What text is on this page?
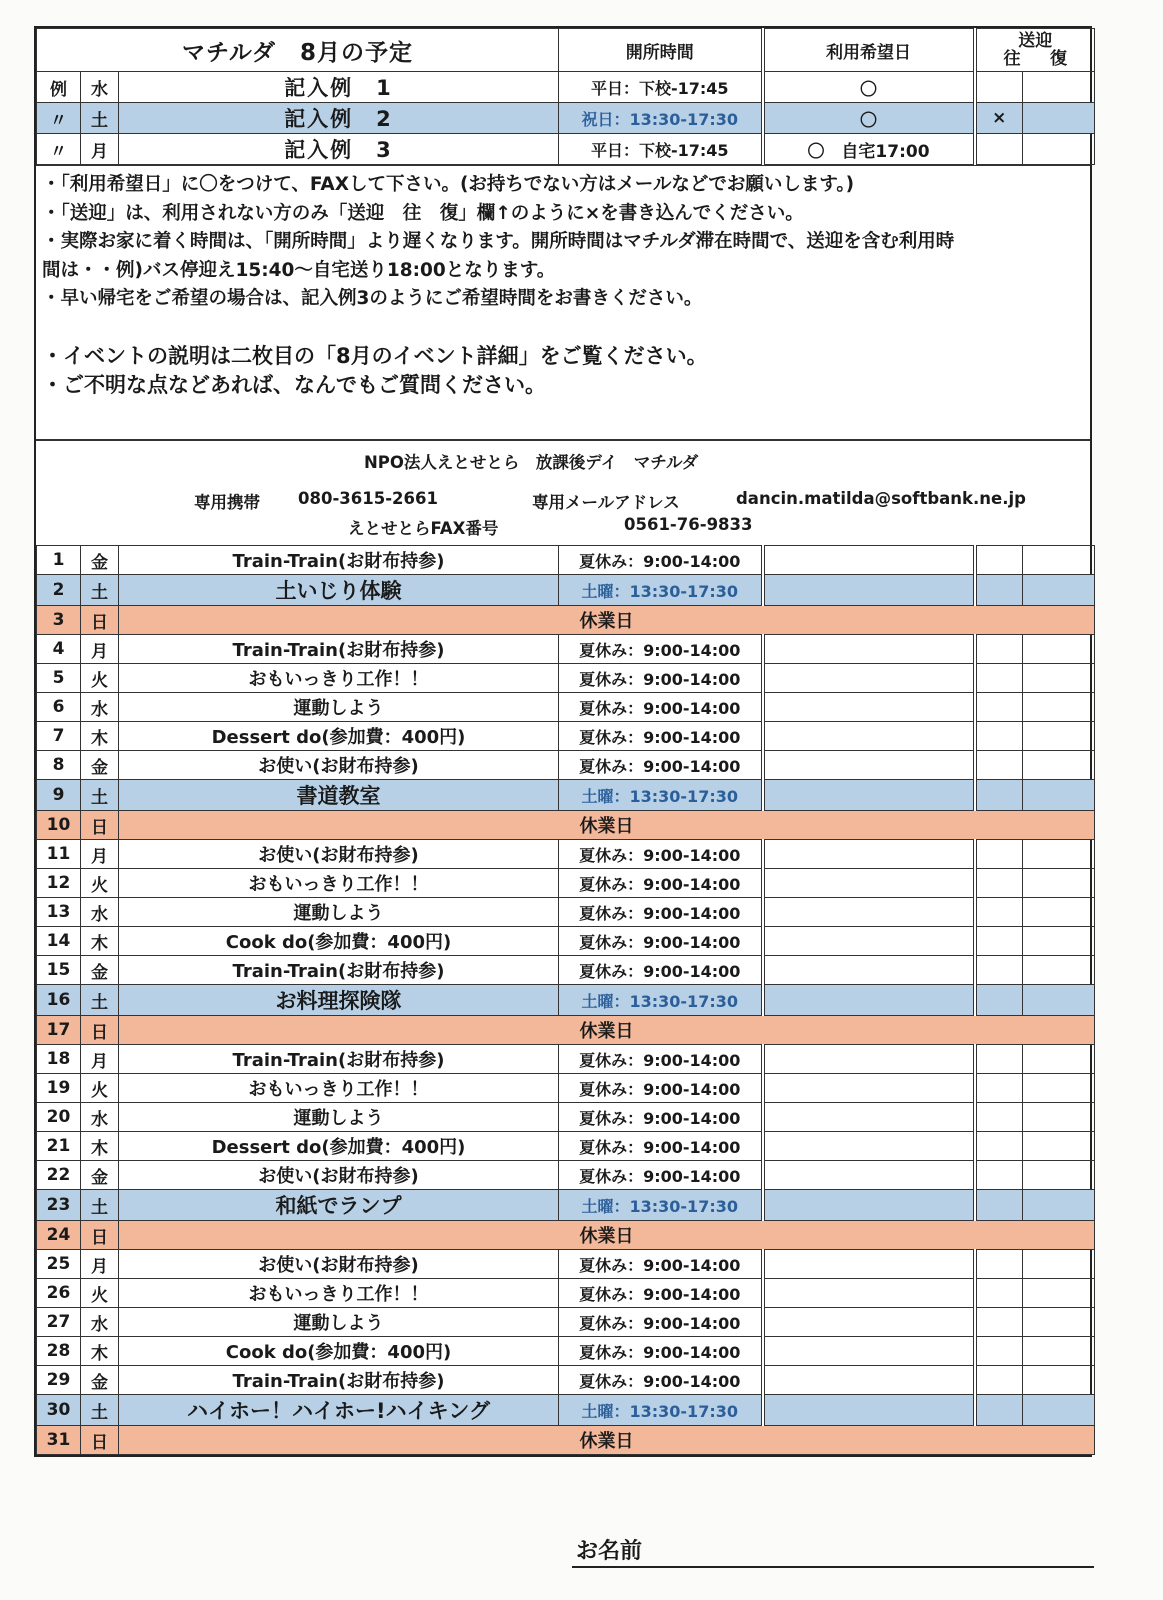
マチルダ　8月の予定			開所時間	利用希望日	送迎
往 復	

例	水	記入例　1	平日：下校-17:45	〇		
〃	土	記入例　2	祝日：13:30-17:30	〇	×	
〃	月	記入例　3	平日：下校-17:45	〇　自宅17:00		

・「利用希望日」に〇をつけて、FAXして下さい。(お持ちでない方はメールなどでお願いします。)

・「送迎」は、利用されない方のみ「送迎　往　復」欄↑のように×を書き込んでください。

・実際お家に着く時間は、「開所時間」より遅くなります。開所時間はマチルダ滞在時間で、送迎を含む利用時

間は・・例)バス停迎え15:40～自宅送り18:00となります。

・早い帰宅をご希望の場合は、記入例3のようにご希望時間をお書きください。

・イベントの説明は二枚目の「8月のイベント詳細」をご覧ください。

・ご不明な点などあれば、なんでもご質問ください。

NPO法人えとせとら　放課後デイ　マチルダ
専用携帯 080-3615-2661	専用メールアドレス	dancin.matilda@softbank.ne.jp
えとせとらFAX番号	0561-76-9833
1	金	Train-Train(お財布持参)	夏休み：9:00-14:00			
2	土	土いじり体験	土曜：13:30-17:30			
3	日	休業日				
4	月	Train-Train(お財布持参)	夏休み：9:00-14:00			
5	火	おもいっきり工作！！	夏休み：9:00-14:00			
6	水	運動しよう	夏休み：9:00-14:00			
7	木	Dessert do(参加費：400円)	夏休み：9:00-14:00			
8	金	お使い(お財布持参)	夏休み：9:00-14:00			
9	土	書道教室	土曜：13:30-17:30			
10	日	休業日				
11	月	お使い(お財布持参)	夏休み：9:00-14:00			
12	火	おもいっきり工作！！	夏休み：9:00-14:00			
13	水	運動しよう	夏休み：9:00-14:00			
14	木	Cook do(参加費：400円)	夏休み：9:00-14:00			
15	金	Train-Train(お財布持参)	夏休み：9:00-14:00			
16	土	お料理探険隊	土曜：13:30-17:30			
17	日	休業日				
18	月	Train-Train(お財布持参)	夏休み：9:00-14:00			
19	火	おもいっきり工作！！	夏休み：9:00-14:00			
20	水	運動しよう	夏休み：9:00-14:00			
21	木	Dessert do(参加費：400円)	夏休み：9:00-14:00			
22	金	お使い(お財布持参)	夏休み：9:00-14:00			
23	土	和紙でランプ	土曜：13:30-17:30			
24	日	休業日				
25	月	お使い(お財布持参)	夏休み：9:00-14:00			
26	火	おもいっきり工作！！	夏休み：9:00-14:00			
27	水	運動しよう	夏休み：9:00-14:00			
28	木	Cook do(参加費：400円)	夏休み：9:00-14:00			
29	金	Train-Train(お財布持参)	夏休み：9:00-14:00			
30	土	ハイホー！ハイホー!ハイキング	土曜：13:30-17:30			
31	日	休業日				
お名前
